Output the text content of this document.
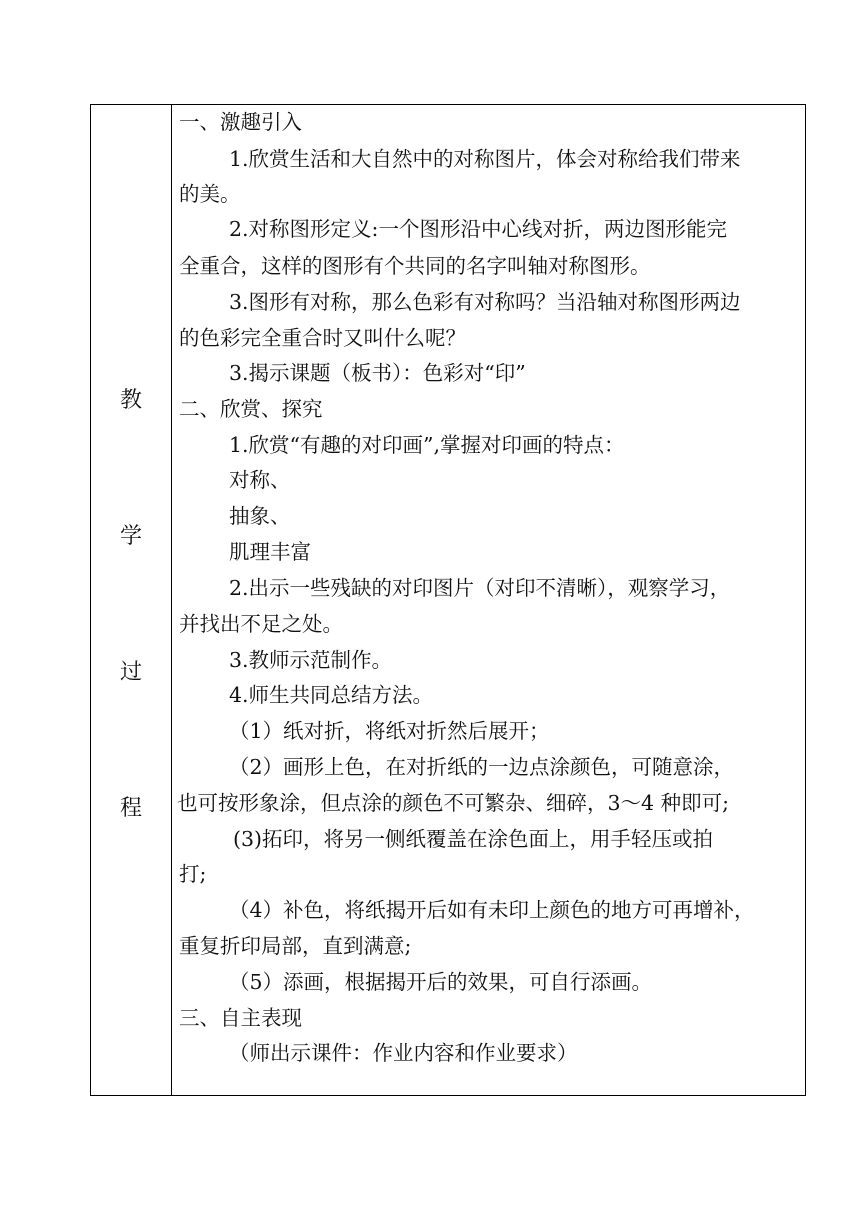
教
学
过
程
一、激趣引入
1.欣赏生活和大自然中的对称图片，体会对称给我们带来
的美。
2.对称图形定义:一个图形沿中心线对折，两边图形能完
全重合，这样的图形有个共同的名字叫轴对称图形。
3.图形有对称，那么色彩有对称吗？当沿轴对称图形两边
的色彩完全重合时又叫什么呢？
3.揭示课题（板书）：色彩对“印”
二、欣赏、探究
1.欣赏“有趣的对印画”,掌握对印画的特点：
对称、
抽象、
肌理丰富
2.出示一些残缺的对印图片（对印不清晰），观察学习，
并找出不足之处。
3.教师示范制作。
4.师生共同总结方法。
（1）纸对折，将纸对折然后展开；
（2）画形上色，在对折纸的一边点涂颜色，可随意涂，
也可按形象涂，但点涂的颜色不可繁杂、细碎，3～4 种即可;
(3)拓印，将另一侧纸覆盖在涂色面上，用手轻压或拍
打;
（4）补色，将纸揭开后如有未印上颜色的地方可再增补，
重复折印局部，直到满意;
（5）添画，根据揭开后的效果，可自行添画。
三、自主表现
（师出示课件：作业内容和作业要求）
